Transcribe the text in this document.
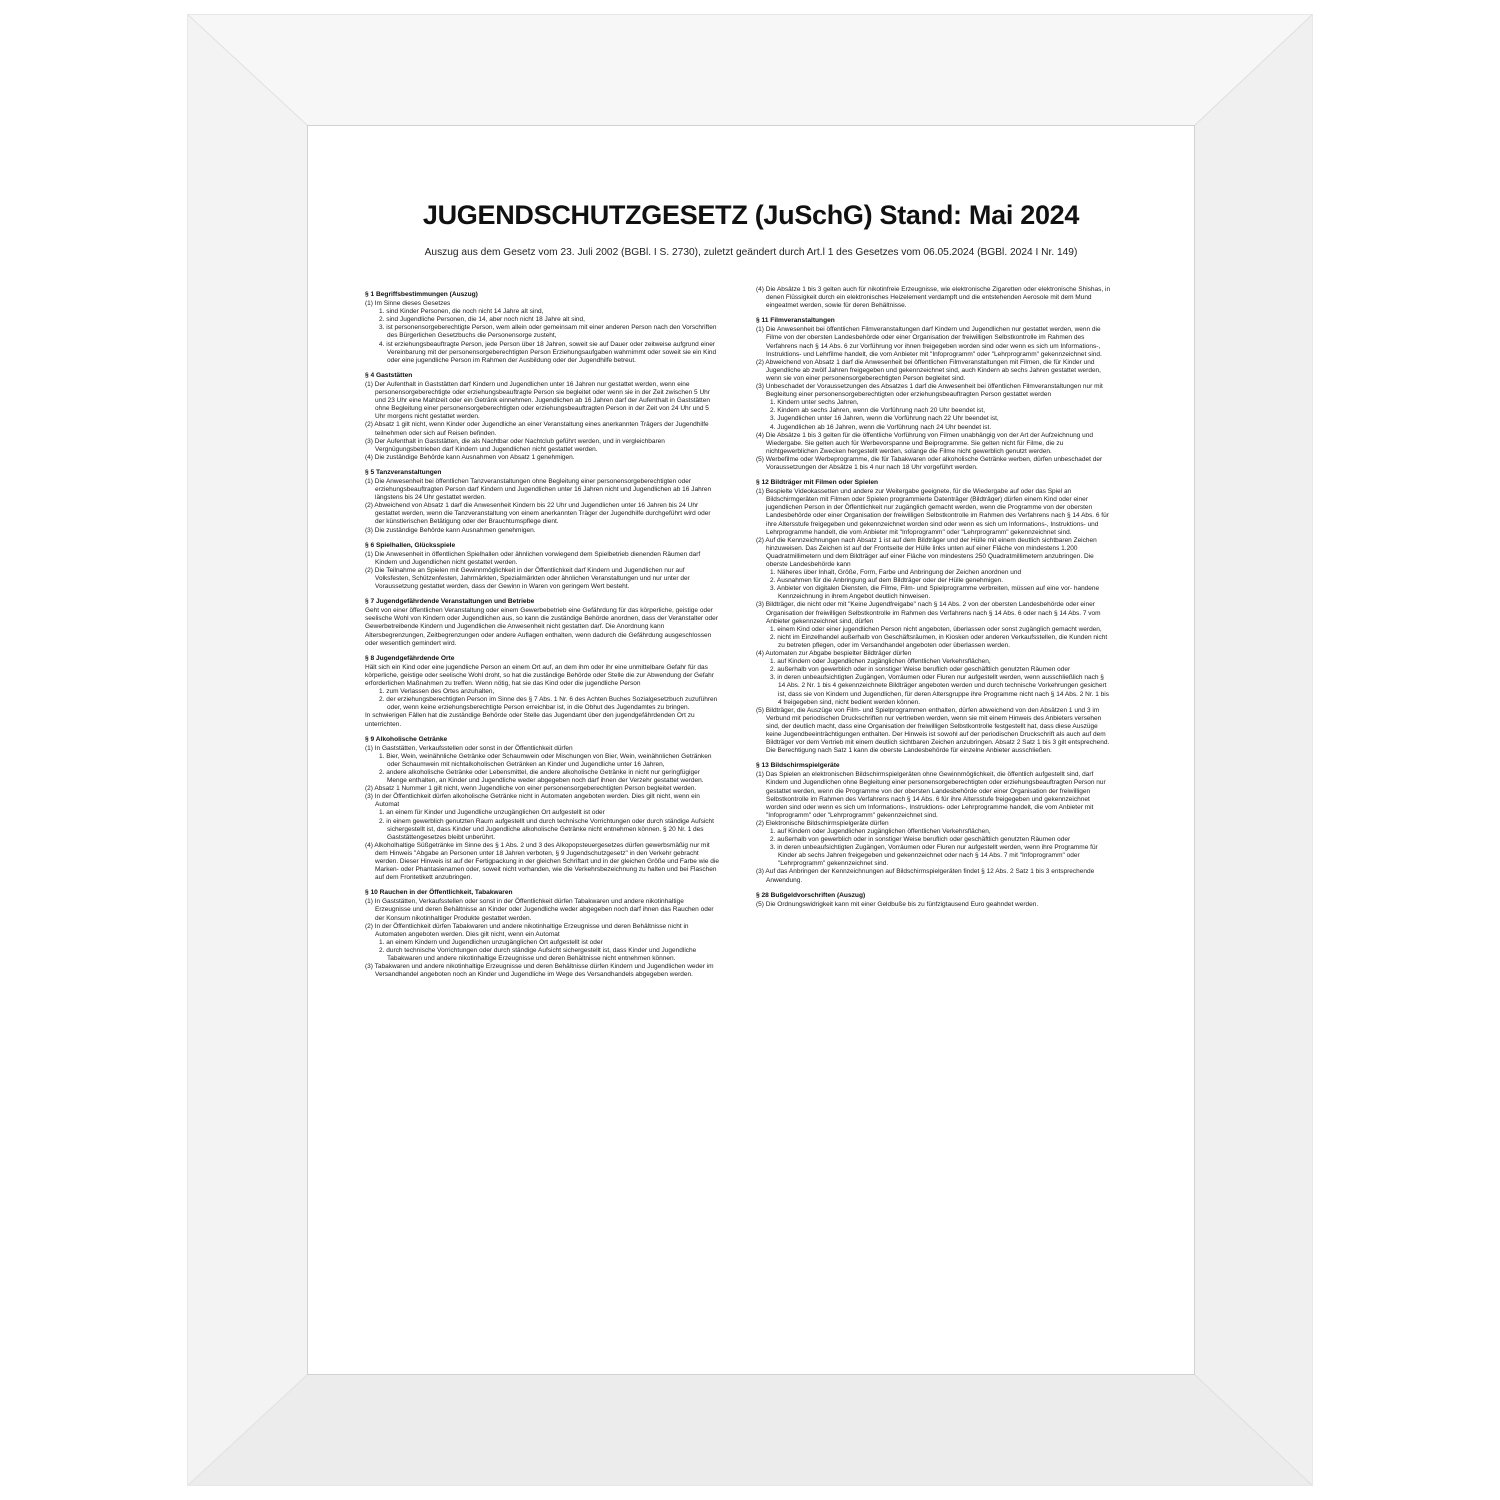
JUGENDSCHUTZGESETZ (JuSchG) Stand: Mai 2024
Auszug aus dem Gesetz vom 23. Juli 2002 (BGBl. I S. 2730), zuletzt geändert durch Art.l 1 des Gesetzes vom 06.05.2024 (BGBl. 2024 I Nr. 149)
§ 1 Begriffsbestimmungen (Auszug)
(1) Im Sinne dieses Gesetzes
1. sind Kinder Personen, die noch nicht 14 Jahre alt sind,
2. sind Jugendliche Personen, die 14, aber noch nicht 18 Jahre alt sind,
3. ist personensorgeberechtigte Person, wem allein oder gemeinsam mit einer anderen Person nach den Vorschriften des Bürgerlichen Gesetzbuchs die Personensorge zusteht,
4. ist erziehungsbeauftragte Person, jede Person über 18 Jahren, soweit sie auf Dauer oder zeitweise aufgrund einer Vereinbarung mit der personensorgeberechtigten Person Erziehungsaufgaben wahrnimmt oder soweit sie ein Kind oder eine jugendliche Person im Rahmen der Ausbildung oder der Jugendhilfe betreut.
§ 4 Gaststätten
(1) Der Aufenthalt in Gaststätten darf Kindern und Jugendlichen unter 16 Jahren nur gestattet werden, wenn eine personensorgeberechtigte oder erziehungsbeauftragte Person sie begleitet oder wenn sie in der Zeit zwischen 5 Uhr und 23 Uhr eine Mahlzeit oder ein Getränk einnehmen. Jugendlichen ab 16 Jahren darf der Aufenthalt in Gaststätten ohne Begleitung einer personensorgeberechtigten oder erziehungsbeauftragten Person in der Zeit von 24 Uhr und 5 Uhr morgens nicht gestattet werden.
(2) Absatz 1 gilt nicht, wenn Kinder oder Jugendliche an einer Veranstaltung eines anerkannten Trägers der Jugendhilfe teilnehmen oder sich auf Reisen befinden.
(3) Der Aufenthalt in Gaststätten, die als Nachtbar oder Nachtclub geführt werden, und in vergleichbaren Vergnügungsbetrieben darf Kindern und Jugendlichen nicht gestattet werden.
(4) Die zuständige Behörde kann Ausnahmen von Absatz 1 genehmigen.
§ 5 Tanzveranstaltungen
(1) Die Anwesenheit bei öffentlichen Tanzveranstaltungen ohne Begleitung einer personensorgeberechtigten oder erziehungsbeauftragten Person darf Kindern und Jugendlichen unter 16 Jahren nicht und Jugendlichen ab 16 Jahren längstens bis 24 Uhr gestattet werden.
(2) Abweichend von Absatz 1 darf die Anwesenheit Kindern bis 22 Uhr und Jugendlichen unter 16 Jahren bis 24 Uhr gestattet werden, wenn die Tanzveranstaltung von einem anerkannten Träger der Jugendhilfe durchgeführt wird oder der künstlerischen Betätigung oder der Brauchtumspflege dient.
(3) Die zuständige Behörde kann Ausnahmen genehmigen.
§ 6 Spielhallen, Glücksspiele
(1) Die Anwesenheit in öffentlichen Spielhallen oder ähnlichen vorwiegend dem Spielbetrieb dienenden Räumen darf Kindern und Jugendlichen nicht gestattet werden.
(2) Die Teilnahme an Spielen mit Gewinnmöglichkeit in der Öffentlichkeit darf Kindern und Jugendlichen nur auf Volksfesten, Schützenfesten, Jahrmärkten, Spezialmärkten oder ähnlichen Veranstaltungen und nur unter der Voraussetzung gestattet werden, dass der Gewinn in Waren von geringem Wert besteht.
§ 7 Jugendgefährdende Veranstaltungen und Betriebe
Geht von einer öffentlichen Veranstaltung oder einem Gewerbebetrieb eine Gefährdung für das körperliche, geistige oder seelische Wohl von Kindern oder Jugendlichen aus, so kann die zuständige Behörde anordnen, dass der Veranstalter oder Gewerbetreibende Kindern und Jugendlichen die Anwesenheit nicht gestatten darf. Die Anordnung kann Altersbegrenzungen, Zeitbegrenzungen oder andere Auflagen enthalten, wenn dadurch die Gefährdung ausgeschlossen oder wesentlich gemindert wird.
§ 8 Jugendgefährdende Orte
Hält sich ein Kind oder eine jugendliche Person an einem Ort auf, an dem ihm oder ihr eine unmittelbare Gefahr für das körperliche, geistige oder seelische Wohl droht, so hat die zuständige Behörde oder Stelle die zur Abwendung der Gefahr erforderlichen Maßnahmen zu treffen. Wenn nötig, hat sie das Kind oder die jugendliche Person
1. zum Verlassen des Ortes anzuhalten,
2. der erziehungsberechtigten Person im Sinne des § 7 Abs. 1 Nr. 6 des Achten Buches Sozialgesetzbuch zuzuführen oder, wenn keine erziehungsberechtigte Person erreichbar ist, in die Obhut des Jugendamtes zu bringen.
In schwierigen Fällen hat die zuständige Behörde oder Stelle das Jugendamt über den jugendgefährdenden Ort zu unterrichten.
§ 9 Alkoholische Getränke
(1) In Gaststätten, Verkaufsstellen oder sonst in der Öffentlichkeit dürfen
1. Bier, Wein, weinähnliche Getränke oder Schaumwein oder Mischungen von Bier, Wein, weinähnlichen Getränken oder Schaumwein mit nichtalkoholischen Getränken an Kinder und Jugendliche unter 16 Jahren,
2. andere alkoholische Getränke oder Lebensmittel, die andere alkoholische Getränke in nicht nur geringfügiger Menge enthalten, an Kinder und Jugendliche weder abgegeben noch darf ihnen der Verzehr gestattet werden.
(2) Absatz 1 Nummer 1 gilt nicht, wenn Jugendliche von einer personensorgeberechtigten Person begleitet werden.
(3) In der Öffentlichkeit dürfen alkoholische Getränke nicht in Automaten angeboten werden. Dies gilt nicht, wenn ein Automat
1. an einem für Kinder und Jugendliche unzugänglichen Ort aufgestellt ist oder
2. in einem gewerblich genutzten Raum aufgestellt und durch technische Vorrichtungen oder durch ständige Aufsicht sichergestellt ist, dass Kinder und Jugendliche alkoholische Getränke nicht entnehmen können. § 20 Nr. 1 des Gaststättengesetzes bleibt unberührt.
(4) Alkoholhaltige Süßgetränke im Sinne des § 1 Abs. 2 und 3 des Alkopopsteuergesetzes dürfen gewerbsmäßig nur mit dem Hinweis "Abgabe an Personen unter 18 Jahren verboten, § 9 Jugendschutzgesetz" in den Verkehr gebracht werden. Dieser Hinweis ist auf der Fertigpackung in der gleichen Schriftart und in der gleichen Größe und Farbe wie die Marken- oder Phantasienamen oder, soweit nicht vorhanden, wie die Verkehrsbezeichnung zu halten und bei Flaschen auf dem Frontetikett anzubringen.
§ 10 Rauchen in der Öffentlichkeit, Tabakwaren
(1) In Gaststätten, Verkaufsstellen oder sonst in der Öffentlichkeit dürfen Tabakwaren und andere nikotinhaltige Erzeugnisse und deren Behältnisse an Kinder oder Jugendliche weder abgegeben noch darf ihnen das Rauchen oder der Konsum nikotinhaltiger Produkte gestattet werden.
(2) In der Öffentlichkeit dürfen Tabakwaren und andere nikotinhaltige Erzeugnisse und deren Behältnisse nicht in Automaten angeboten werden. Dies gilt nicht, wenn ein Automat
1. an einem Kindern und Jugendlichen unzugänglichen Ort aufgestellt ist oder
2. durch technische Vorrichtungen oder durch ständige Aufsicht sichergestellt ist, dass Kinder und Jugendliche Tabakwaren und andere nikotinhaltige Erzeugnisse und deren Behältnisse nicht entnehmen können.
(3) Tabakwaren und andere nikotinhaltige Erzeugnisse und deren Behältnisse dürfen Kindern und Jugendlichen weder im Versandhandel angeboten noch an Kinder und Jugendliche im Wege des Versandhandels abgegeben werden.
(4) Die Absätze 1 bis 3 gelten auch für nikotinfreie Erzeugnisse, wie elektronische Zigaretten oder elektronische Shishas, in denen Flüssigkeit durch ein elektronisches Heizelement verdampft und die entstehenden Aerosole mit dem Mund eingeatmet werden, sowie für deren Behältnisse.
§ 11 Filmveranstaltungen
(1) Die Anwesenheit bei öffentlichen Filmveranstaltungen darf Kindern und Jugendlichen nur gestattet werden, wenn die Filme von der obersten Landesbehörde oder einer Organisation der freiwilligen Selbstkontrolle im Rahmen des Verfahrens nach § 14 Abs. 6 zur Vorführung vor ihnen freigegeben worden sind oder wenn es sich um Informations-, Instruktions- und Lehrfilme handelt, die vom Anbieter mit "Infoprogramm" oder "Lehrprogramm" gekennzeichnet sind.
(2) Abweichend von Absatz 1 darf die Anwesenheit bei öffentlichen Filmveranstaltungen mit Filmen, die für Kinder und Jugendliche ab zwölf Jahren freigegeben und gekennzeichnet sind, auch Kindern ab sechs Jahren gestattet werden, wenn sie von einer personensorgeberechtigten Person begleitet sind.
(3) Unbeschadet der Voraussetzungen des Absatzes 1 darf die Anwesenheit bei öffentlichen Filmveranstaltungen nur mit Begleitung einer personensorgeberechtigten oder erziehungsbeauftragten Person gestattet werden
1. Kindern unter sechs Jahren,
2. Kindern ab sechs Jahren, wenn die Vorführung nach 20 Uhr beendet ist,
3. Jugendlichen unter 16 Jahren, wenn die Vorführung nach 22 Uhr beendet ist,
4. Jugendlichen ab 16 Jahren, wenn die Vorführung nach 24 Uhr beendet ist.
(4) Die Absätze 1 bis 3 gelten für die öffentliche Vorführung von Filmen unabhängig von der Art der Aufzeichnung und Wiedergabe. Sie gelten auch für Werbevorspanne und Beiprogramme. Sie gelten nicht für Filme, die zu nichtgewerblichen Zwecken hergestellt werden, solange die Filme nicht gewerblich genutzt werden.
(5) Werbefilme oder Werbeprogramme, die für Tabakwaren oder alkoholische Getränke werben, dürfen unbeschadet der Voraussetzungen der Absätze 1 bis 4 nur nach 18 Uhr vorgeführt werden.
§ 12 Bildträger mit Filmen oder Spielen
(1) Bespielte Videokassetten und andere zur Weitergabe geeignete, für die Wiedergabe auf oder das Spiel an Bildschirmgeräten mit Filmen oder Spielen programmierte Datenträger (Bildträger) dürfen einem Kind oder einer jugendlichen Person in der Öffentlichkeit nur zugänglich gemacht werden, wenn die Programme von der obersten Landesbehörde oder einer Organisation der freiwilligen Selbstkontrolle im Rahmen des Verfahrens nach § 14 Abs. 6 für ihre Altersstufe freigegeben und gekennzeichnet worden sind oder wenn es sich um Informations-, Instruktions- und Lehrprogramme handelt, die vom Anbieter mit "Infoprogramm" oder "Lehrprogramm" gekennzeichnet sind.
(2) Auf die Kennzeichnungen nach Absatz 1 ist auf dem Bildträger und der Hülle mit einem deutlich sichtbaren Zeichen hinzuweisen. Das Zeichen ist auf der Frontseite der Hülle links unten auf einer Fläche von mindestens 1.200 Quadratmillimetern und dem Bildträger auf einer Fläche von mindestens 250 Quadratmillimetern anzubringen. Die oberste Landesbehörde kann
1. Näheres über Inhalt, Größe, Form, Farbe und Anbringung der Zeichen anordnen und
2. Ausnahmen für die Anbringung auf dem Bildträger oder der Hülle genehmigen.
3. Anbieter von digitalen Diensten, die Filme, Film- und Spielprogramme verbreiten, müssen auf eine vor- handene Kennzeichnung in ihrem Angebot deutlich hinweisen.
(3) Bildträger, die nicht oder mit "Keine Jugendfreigabe" nach § 14 Abs. 2 von der obersten Landesbehörde oder einer Organisation der freiwilligen Selbstkontrolle im Rahmen des Verfahrens nach § 14 Abs. 6 oder nach § 14 Abs. 7 vom Anbieter gekennzeichnet sind, dürfen
1. einem Kind oder einer jugendlichen Person nicht angeboten, überlassen oder sonst zugänglich gemacht werden,
2. nicht im Einzelhandel außerhalb von Geschäftsräumen, in Kiosken oder anderen Verkaufsstellen, die Kunden nicht zu betreten pflegen, oder im Versandhandel angeboten oder überlassen werden.
(4) Automaten zur Abgabe bespielter Bildträger dürfen
1. auf Kindern oder Jugendlichen zugänglichen öffentlichen Verkehrsflächen,
2. außerhalb von gewerblich oder in sonstiger Weise beruflich oder geschäftlich genutzten Räumen oder
3. in deren unbeaufsichtigten Zugängen, Vorräumen oder Fluren nur aufgestellt werden, wenn ausschließlich nach § 14 Abs. 2 Nr. 1 bis 4 gekennzeichnete Bildträger angeboten werden und durch technische Vorkehrungen gesichert ist, dass sie von Kindern und Jugendlichen, für deren Altersgruppe ihre Programme nicht nach § 14 Abs. 2 Nr. 1 bis 4 freigegeben sind, nicht bedient werden können.
(5) Bildträger, die Auszüge von Film- und Spielprogrammen enthalten, dürfen abweichend von den Absätzen 1 und 3 im Verbund mit periodischen Druckschriften nur vertrieben werden, wenn sie mit einem Hinweis des Anbieters versehen sind, der deutlich macht, dass eine Organisation der freiwilligen Selbstkontrolle festgestellt hat, dass diese Auszüge keine Jugendbeeinträchtigungen enthalten. Der Hinweis ist sowohl auf der periodischen Druckschrift als auch auf dem Bildträger vor dem Vertrieb mit einem deutlich sichtbaren Zeichen anzubringen. Absatz 2 Satz 1 bis 3 gilt entsprechend. Die Berechtigung nach Satz 1 kann die oberste Landesbehörde für einzelne Anbieter ausschließen.
§ 13 Bildschirmspielgeräte
(1) Das Spielen an elektronischen Bildschirmspielgeräten ohne Gewinnmöglichkeit, die öffentlich aufgestellt sind, darf Kindern und Jugendlichen ohne Begleitung einer personensorgeberechtigten oder erziehungsbeauftragten Person nur gestattet werden, wenn die Programme von der obersten Landesbehörde oder einer Organisation der freiwilligen Selbstkontrolle im Rahmen des Verfahrens nach § 14 Abs. 6 für ihre Altersstufe freigegeben und gekennzeichnet worden sind oder wenn es sich um Informations-, Instruktions- oder Lehrprogramme handelt, die vom Anbieter mit "Infoprogramm" oder "Lehrprogramm" gekennzeichnet sind.
(2) Elektronische Bildschirmspielgeräte dürfen
1. auf Kindern oder Jugendlichen zugänglichen öffentlichen Verkehrsflächen,
2. außerhalb von gewerblich oder in sonstiger Weise beruflich oder geschäftlich genutzten Räumen oder
3. in deren unbeaufsichtigten Zugängen, Vorräumen oder Fluren nur aufgestellt werden, wenn ihre Programme für Kinder ab sechs Jahren freigegeben und gekennzeichnet oder nach § 14 Abs. 7 mit "Infoprogramm" oder "Lehrprogramm" gekennzeichnet sind.
(3) Auf das Anbringen der Kennzeichnungen auf Bildschirmspielgeräten findet § 12 Abs. 2 Satz 1 bis 3 entsprechende Anwendung.
§ 28 Bußgeldvorschriften (Auszug)
(5) Die Ordnungswidrigkeit kann mit einer Geldbuße bis zu fünfzigtausend Euro geahndet werden.
